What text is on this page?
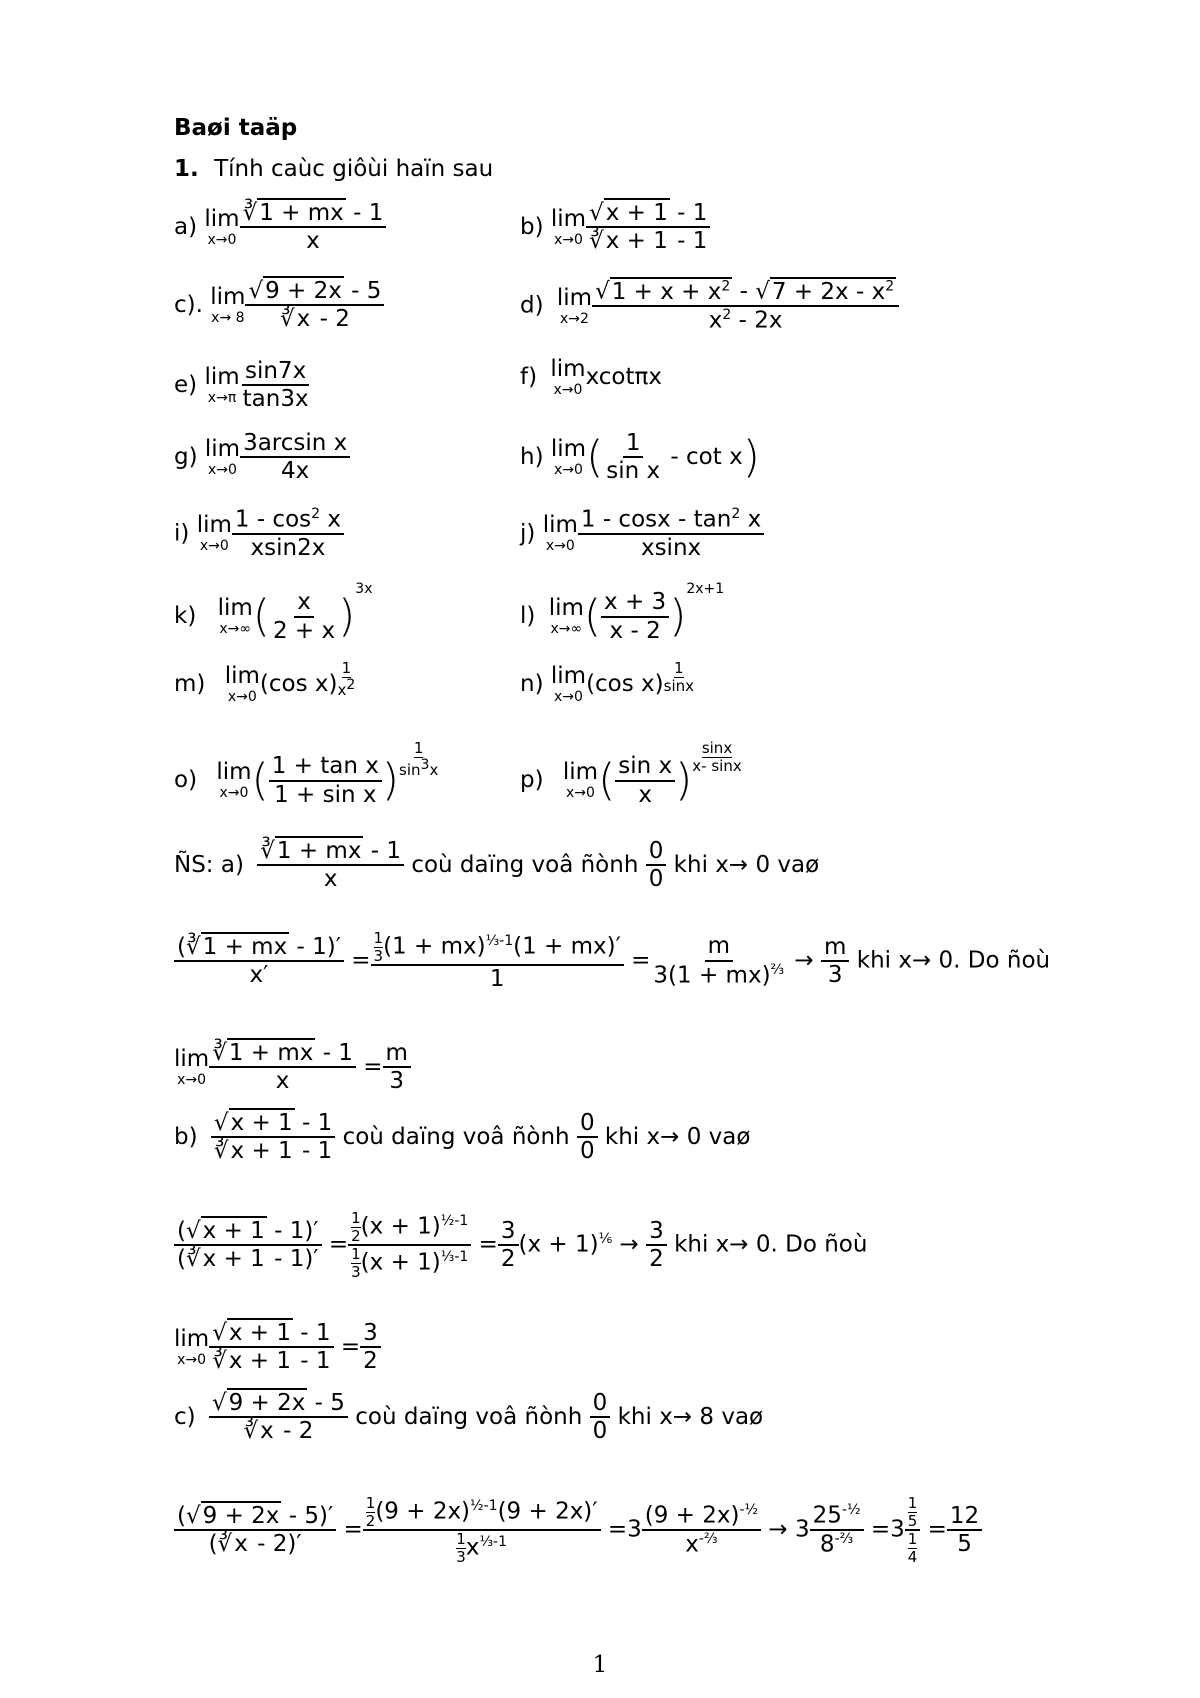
Baøi taäp
1. Tính caùc giôùi haïn sau
a) lim
$x\to 0 \frac{∛1 + mx - 1}{x}$
c). lim
$x\to 8 \frac{√9 + 2x - 5}{∛x - 2}$
e) lim
$x\to\pi \frac{\sin 7x}{\tan 3x}$
g) lim
$x\to 0 \frac{\text{3arcsin x}}{4x}$
i) lim
$x\to 0 \frac{1 - \cos^2 x}{xsin2x}$
k) lim
x→∞ ( $\frac{x}{2 + x} )^{3x}$
m) lim
x→0 (cos $x) \frac{1}{x^2}$
o) lim
x→0 ( $\frac{\text{1 + tan x}}{\text{1 + sin x}}$ ) $\frac{1}{\sin^3x}$
b) lim
$x\to 0 \frac{√x + 1 - 1}{∛x + 1 - 1}$
d) lim
$x\to 2 \frac{√1 + x + x^2 - √7 + 2x - x^2}{x^2 - 2x}$
f) lim
x→0 xcotπx
h) lim
x→0 ( $\frac{1}{\text{sin x}}$ - cot x)
j) lim
$x\to 0 \frac{1 - \cos x - \tan^2 x}{xsinx}$
l) lim
x→∞ ( $\frac{x + 3}{x - 2} )^{2x+1}$
n) lim
x→0 (cos $x) \frac{1}{\sin x}$
p) lim
x→0 ( $\frac{\text{sin x}}{x}$ ) $\frac{\sin x}{x- \sin x}$
ÑS: $a) \frac{∛1 + mx - 1}{x}$ coù daïng voâ ñònh $\frac{0}{0}$ khi x→ 0 vaø
$\frac{(∛1 + mx - 1)'}{x'} = \frac{\frac{1}{3} (1 + mx)^{\frac{1}{3}-1}(1 + mx)'}{1} = \frac{m}{3(1 + mx)^{\frac{2}{3}}} \to \frac{m}{3}$ khi x→ 0. Do ñoù
lim
$x\to 0 \frac{∛1 + mx - 1}{x} = \frac{m}{3}$
$b) \frac{√x + 1 - 1}{∛x + 1 - 1}$ coù daïng voâ ñònh $\frac{0}{0}$ khi x→ 0 vaø
$\frac{(√x + 1 - 1)'}{(∛x + 1 - 1)'} = \frac{\frac{1}{2} (x + 1)^{\frac{1}{2}-1}}{\frac{1}{3} (x + 1)^{\frac{1}{3}-1}} = \frac{3}{2} (x + 1)^{\frac{1}{6}} \to \frac{3}{2}$ khi x→ 0. Do ñoù
lim
$x\to 0 \frac{√x + 1 - 1}{∛x + 1 - 1} = \frac{3}{2}$
$c) \frac{√9 + 2x - 5}{∛x - 2}$ coù daïng voâ ñònh $\frac{0}{0}$ khi x→ 8 vaø
$\frac{(√9 + 2x - 5)'}{(∛x - 2)'} = \frac{\frac{1}{2} (9 + 2x)^{\frac{1}{2}-1}(9 + 2x)'}{\frac{1}{3} x^{\frac{1}{3}-1}} =3 \frac{(9 + 2x)^{-\frac{1}{2}}}{x^{-\frac{2}{3}}} \to 3 \frac{25^{-\frac{1}{2}}}{8^{-\frac{2}{3}}} =3 \frac{\frac{1}{5}}{\frac{1}{4}} = \frac{12}{5}$
1
